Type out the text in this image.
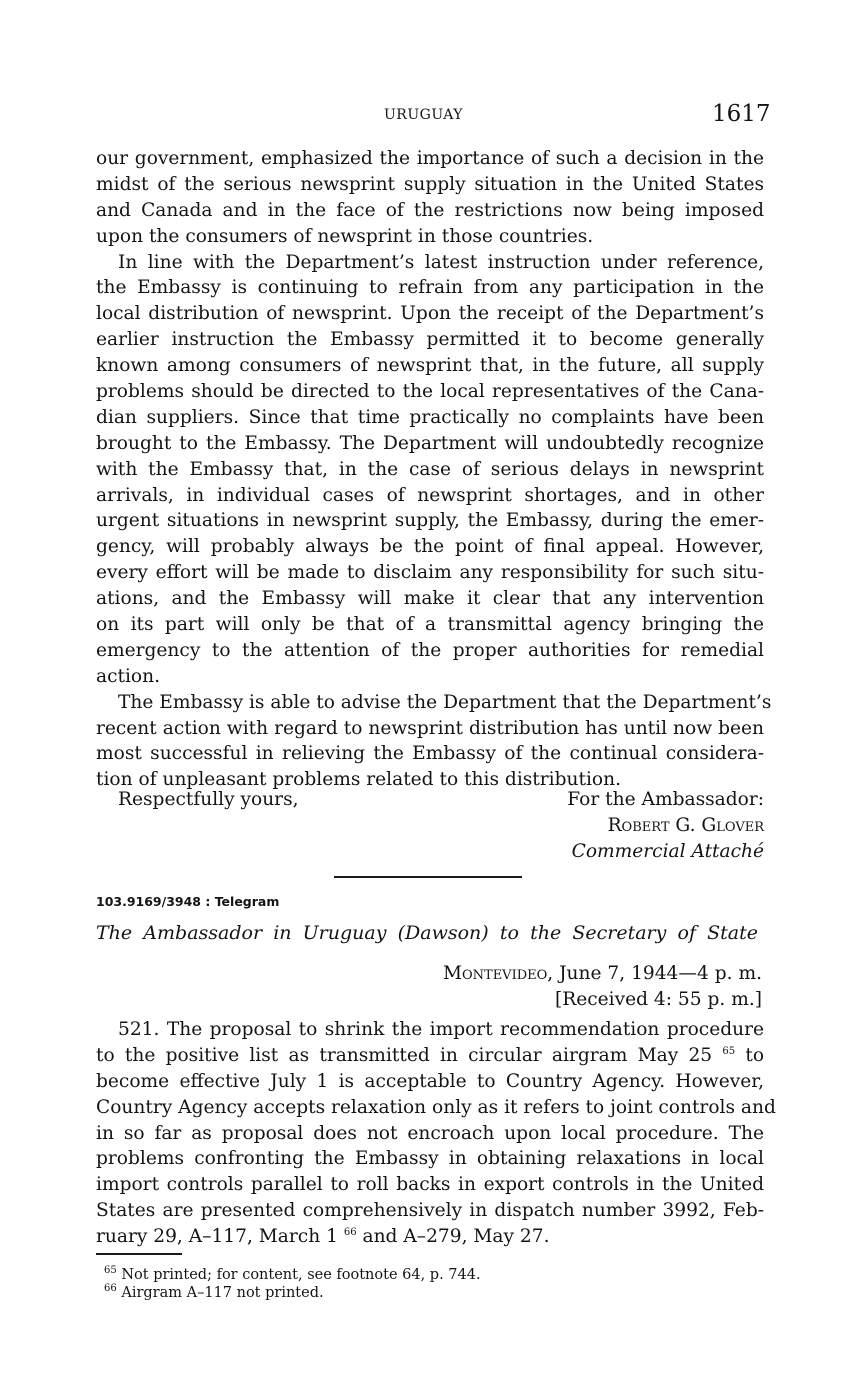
URUGUAY	1617
our government, emphasized the importance of such a decision in the
midst of the serious newsprint supply situation in the United States
and Canada and in the face of the restrictions now being imposed
upon the consumers of newsprint in those countries.
In line with the Department’s latest instruction under reference,
the Embassy is continuing to refrain from any participation in the
local distribution of newsprint. Upon the receipt of the Department’s
earlier instruction the Embassy permitted it to become generally
known among consumers of newsprint that, in the future, all supply
problems should be directed to the local representatives of the Cana-
dian suppliers. Since that time practically no complaints have been
brought to the Embassy. The Department will undoubtedly recognize
with the Embassy that, in the case of serious delays in newsprint
arrivals, in individual cases of newsprint shortages, and in other
urgent situations in newsprint supply, the Embassy, during the emer-
gency, will probably always be the point of final appeal. However,
every effort will be made to disclaim any responsibility for such situ-
ations, and the Embassy will make it clear that any intervention
on its part will only be that of a transmittal agency bringing the
emergency to the attention of the proper authorities for remedial
action.
The Embassy is able to advise the Department that the Department’s
recent action with regard to newsprint distribution has until now been
most successful in relieving the Embassy of the continual considera-
tion of unpleasant problems related to this distribution.
Respectfully yours,	For the Ambassador:
Robert G. Glover
Commercial Attaché
103.9169/3948 : Telegram
The Ambassador in Uruguay (Dawson) to the Secretary of State
Montevideo, June 7, 1944—4 p. m.
[Received 4: 55 p. m.]
521. The proposal to shrink the import recommendation procedure
to the positive list as transmitted in circular airgram May 25 $^{65}$ to
become effective July 1 is acceptable to Country Agency. However,
Country Agency accepts relaxation only as it refers to joint controls and
in so far as proposal does not encroach upon local procedure. The
problems confronting the Embassy in obtaining relaxations in local
import controls parallel to roll backs in export controls in the United
States are presented comprehensively in dispatch number 3992, Feb-
ruary 29, A–117, March 1 $^{66}$ and A–279, May 27.
$^{65}$ Not printed; for content, see footnote 64, p. 744.
$^{66}$ Airgram A–117 not printed.
